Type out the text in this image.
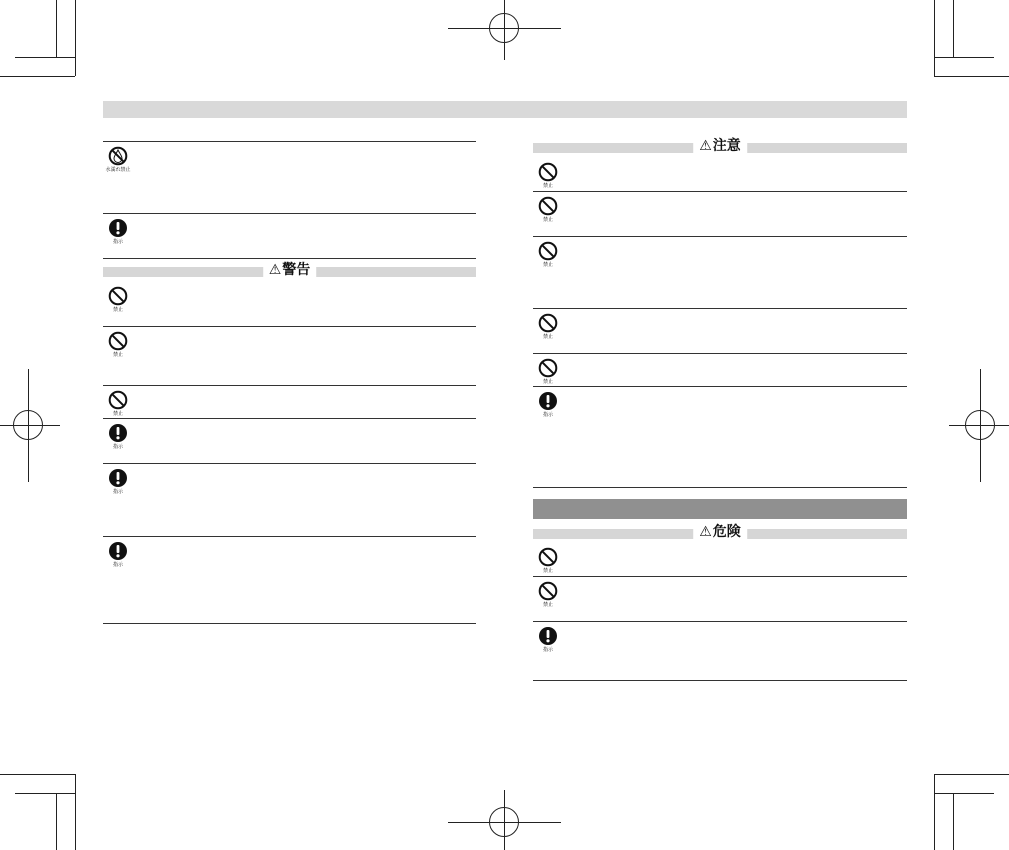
水濡れ禁止
指示
⚠警告
禁止
禁止
禁止
指示
指示
指示
⚠注意
禁止
禁止
禁止
禁止
禁止
指示
⚠危険
禁止
禁止
指示
